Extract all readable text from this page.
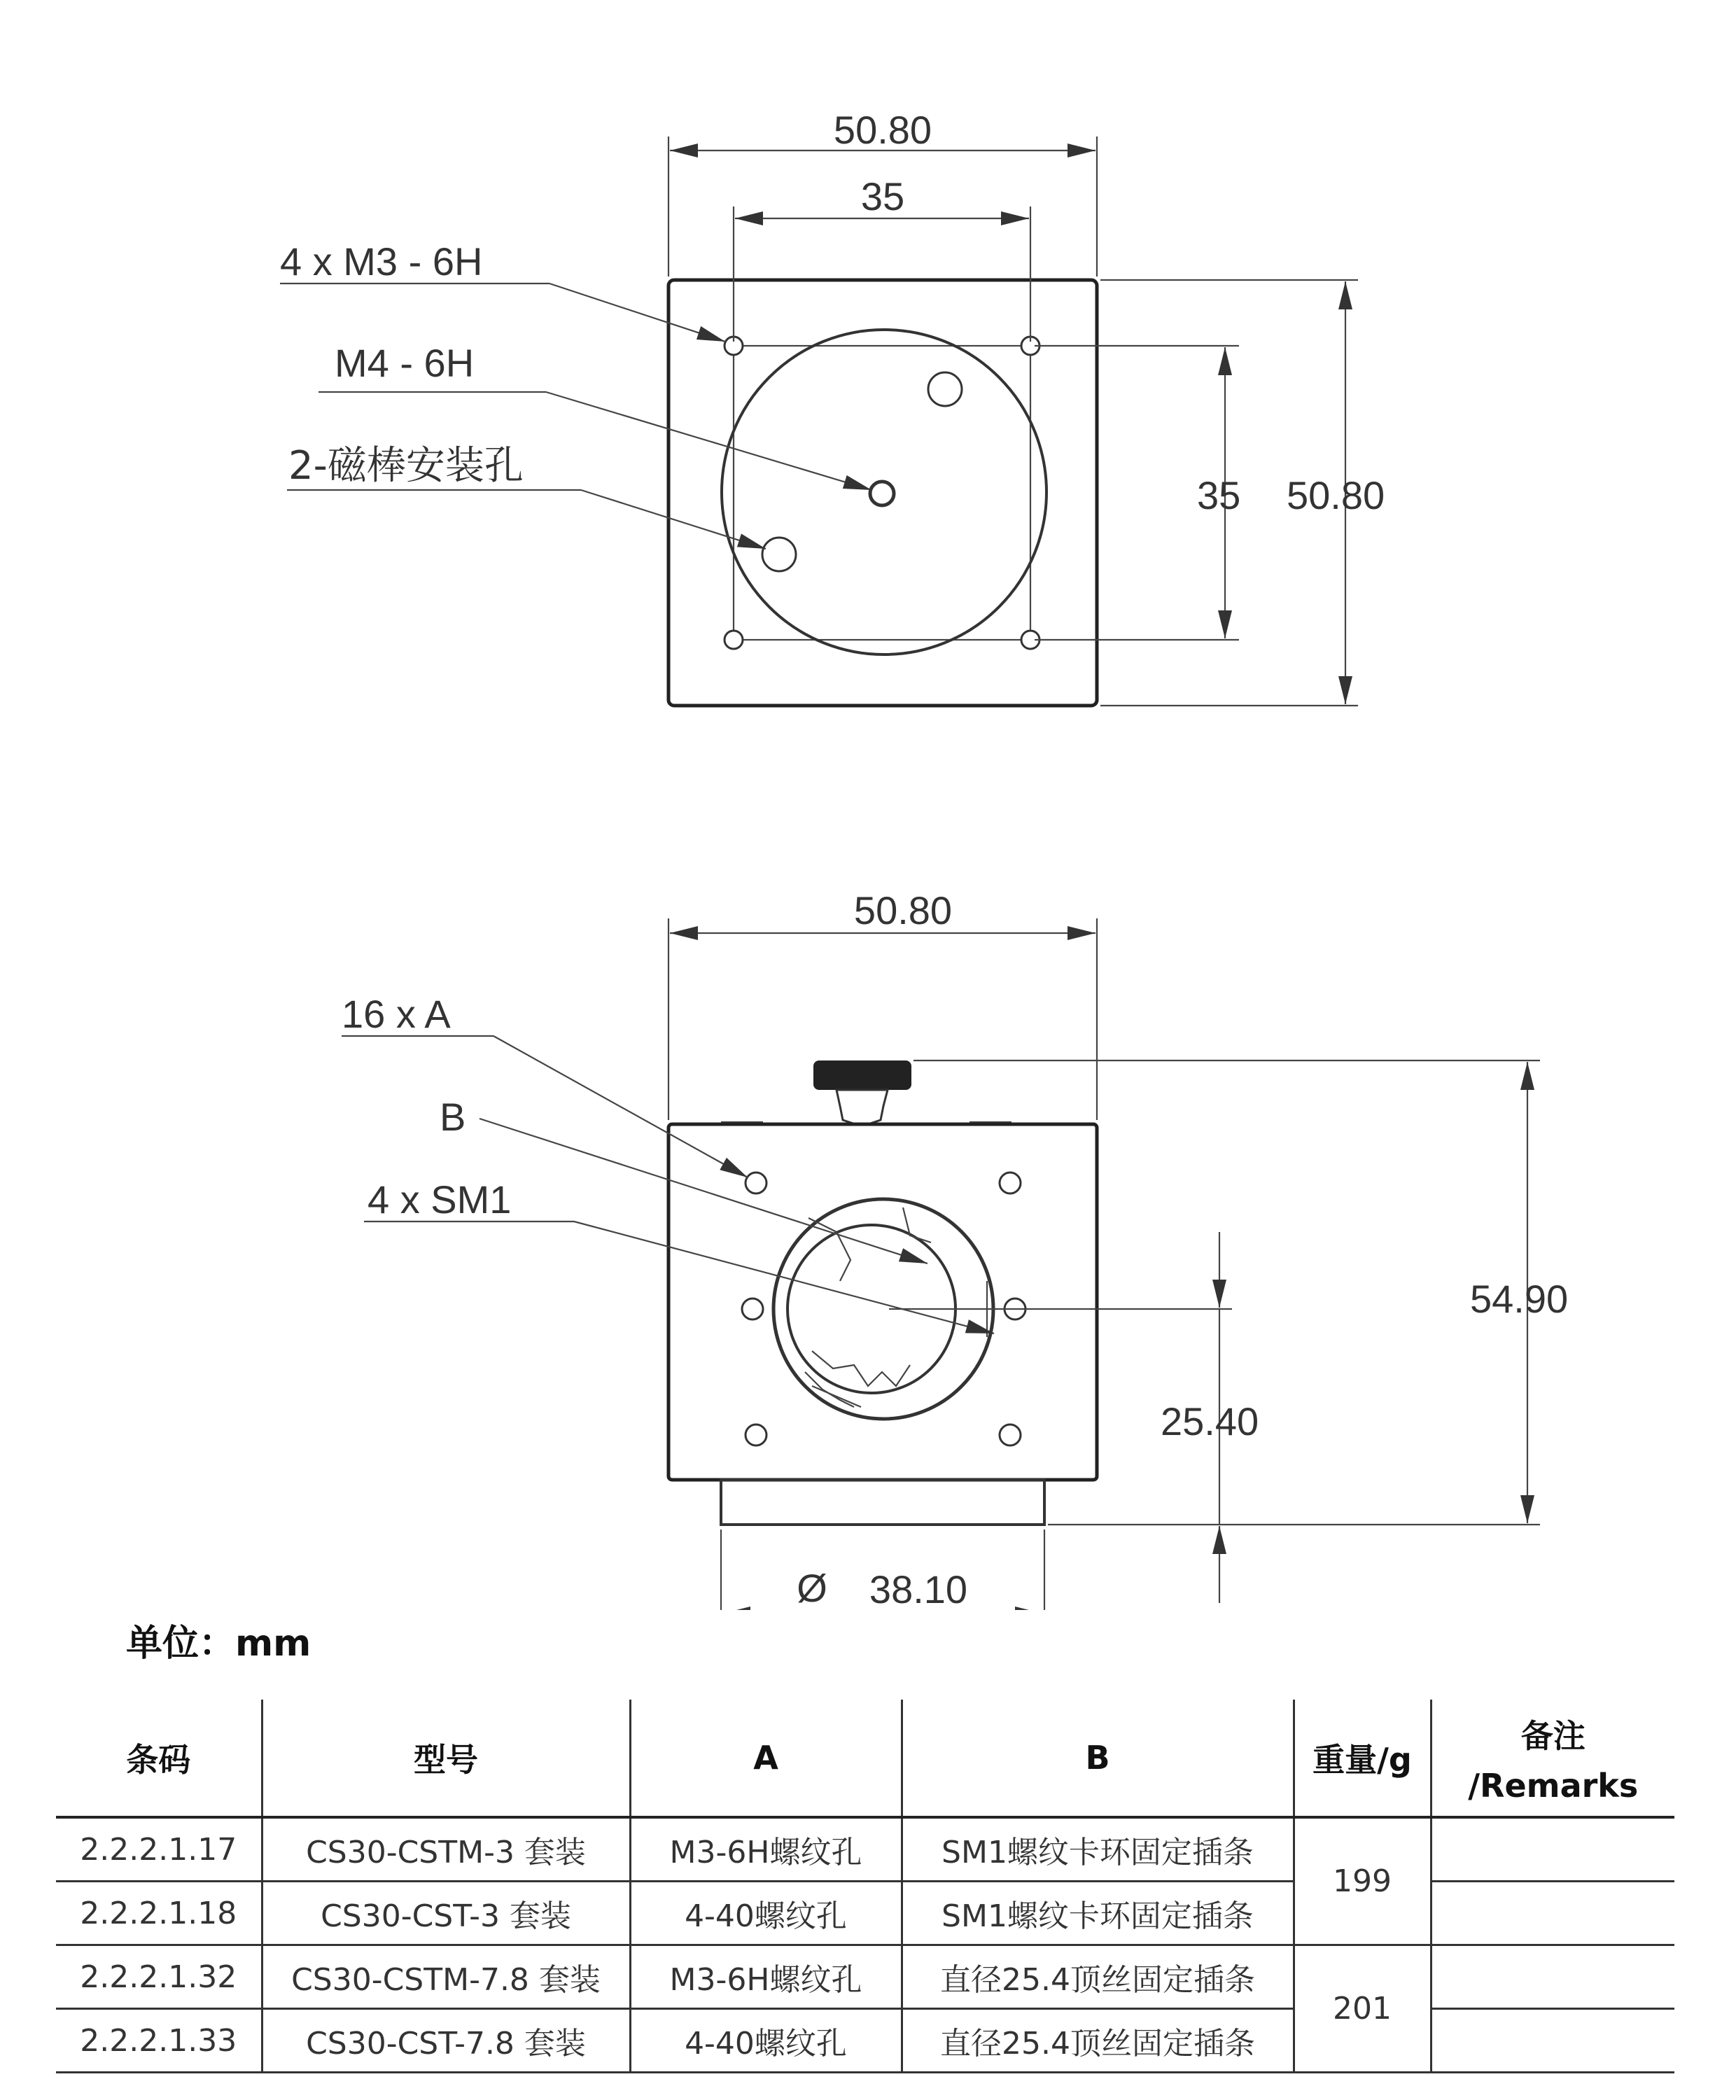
50.80
35
35 50.80
4 x M3 - 6H
M4 - 6H
2-磁棒安装孔
50.80
54.90
25.40
Ø 38.10
16 x A
B
4 x SM1
单位：mm
条码	型号	A	B	重量/g	备注
/Remarks

2.2.2.1.17	CS30-CSTM-3 套装	M3-6H螺纹孔	SM1螺纹卡环固定插条	199	
2.2.2.1.18	CS30-CST-3 套装	4-40螺纹孔	SM1螺纹卡环固定插条		
2.2.2.1.32	CS30-CSTM-7.8 套装	M3-6H螺纹孔	直径25.4顶丝固定插条	201	
2.2.2.1.33	CS30-CST-7.8 套装	4-40螺纹孔	直径25.4顶丝固定插条		
